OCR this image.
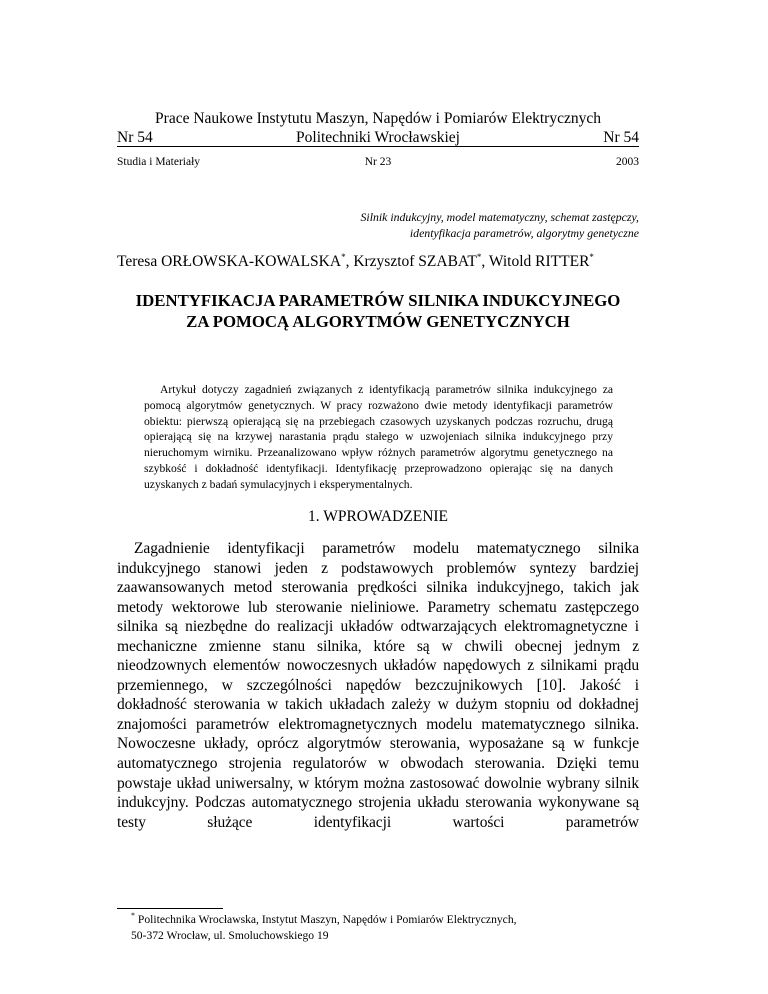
Prace Naukowe Instytutu Maszyn, Napędów i Pomiarów Elektrycznych
Nr 54	Politechniki Wrocławskiej	Nr 54
Studia i Materiały	Nr 23	2003
Silnik indukcyjny, model matematyczny, schemat zastępczy,
identyfikacja parametrów, algorytmy genetyczne
Teresa ORŁOWSKA-KOWALSKA*, Krzysztof SZABAT*, Witold RITTER*
IDENTYFIKACJA PARAMETRÓW SILNIKA INDUKCYJNEGO
ZA POMOCĄ ALGORYTMÓW GENETYCZNYCH

Artykuł dotyczy zagadnień związanych z identyfikacją parametrów silnika indukcyjnego za pomocą algorytmów genetycznych. W pracy rozważono dwie metody identyfikacji parametrów obiektu: pierwszą opierającą się na przebiegach czasowych uzyskanych podczas rozruchu, drugą opierającą się na krzywej narastania prądu stałego w uzwojeniach silnika indukcyjnego przy nieruchomym wirniku. Przeanalizowano wpływ różnych parametrów algorytmu genetycznego na szybkość i dokładność identyfikacji. Identyfikację przeprowadzono opierając się na danych uzyskanych z badań symulacyjnych i eksperymentalnych.

1. WPROWADZENIE

Zagadnienie identyfikacji parametrów modelu matematycznego silnika indukcyjnego stanowi jeden z podstawowych problemów syntezy bardziej zaawansowanych metod sterowania prędkości silnika indukcyjnego, takich jak metody wektorowe lub sterowanie nieliniowe. Parametry schematu zastępczego silnika są niezbędne do realizacji układów odtwarzających elektromagnetyczne i mechaniczne zmienne stanu silnika, które są w chwili obecnej jednym z nieodzownych elementów nowoczesnych układów napędowych z silnikami prądu przemiennego, w szczególności napędów bezczujnikowych [10]. Jakość i dokładność sterowania w takich układach zależy w dużym stopniu od dokładnej znajomości parametrów elektromagnetycznych modelu matematycznego silnika. Nowoczesne układy, oprócz algorytmów sterowania, wyposażane są w funkcje automatycznego strojenia regulatorów w obwodach sterowania. Dzięki temu powstaje układ uniwersalny, w którym można zastosować dowolnie wybrany silnik indukcyjny. Podczas automatycznego strojenia układu sterowania wykonywane są testy służące identyfikacji wartości parametrów

* Politechnika Wrocławska, Instytut Maszyn, Napędów i Pomiarów Elektrycznych,
50-372 Wrocław, ul. Smoluchowskiego 19
